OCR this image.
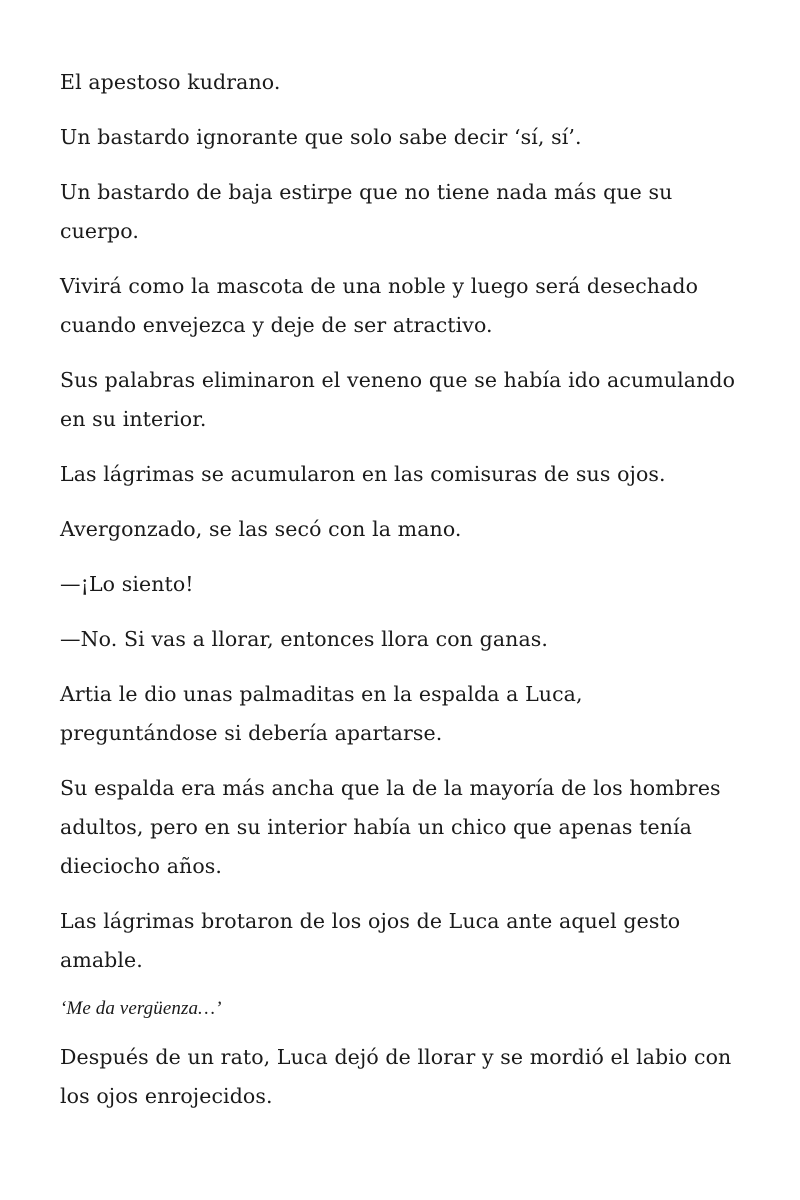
El apestoso kudrano.

Un bastardo ignorante que solo sabe decir ‘sí, sí’.

Un bastardo de baja estirpe que no tiene nada más que su cuerpo.

Vivirá como la mascota de una noble y luego será desechado cuando envejezca y deje de ser atractivo.

Sus palabras eliminaron el veneno que se había ido acumulando en su interior.

Las lágrimas se acumularon en las comisuras de sus ojos.

Avergonzado, se las secó con la mano.

—¡Lo siento!

—No. Si vas a llorar, entonces llora con ganas.

Artia le dio unas palmaditas en la espalda a Luca, preguntándose si debería apartarse.

Su espalda era más ancha que la de la mayoría de los hombres adultos, pero en su interior había un chico que apenas tenía dieciocho años.

Las lágrimas brotaron de los ojos de Luca ante aquel gesto amable.

‘Me da vergüenza…’

Después de un rato, Luca dejó de llorar y se mordió el labio con los ojos enrojecidos.
